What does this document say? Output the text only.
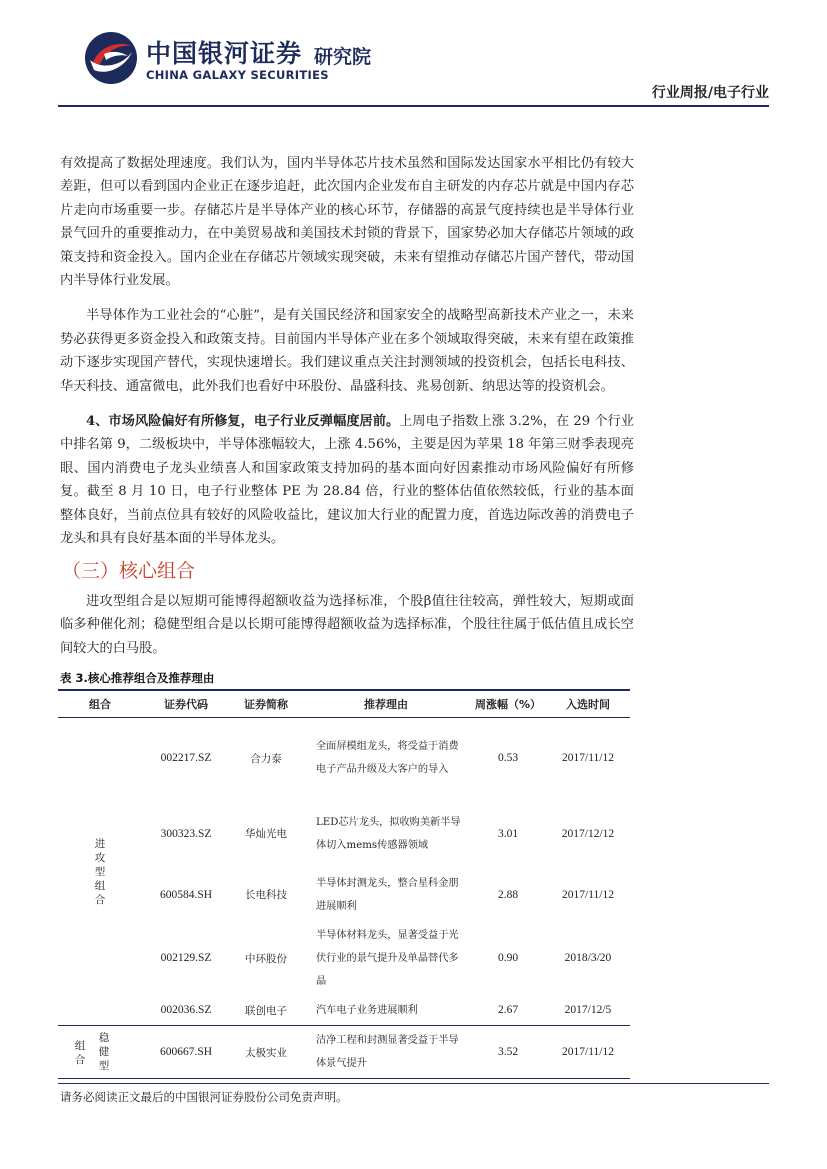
中国银河证券
CHINA GALAXY SECURITIES
研究院
行业周报/电子行业

有效提高了数据处理速度。我们认为，国内半导体芯片技术虽然和国际发达国家水平相比仍有较大差距，但可以看到国内企业正在逐步追赶，此次国内企业发布自主研发的内存芯片就是中国内存芯片走向市场重要一步。存储芯片是半导体产业的核心环节，存储器的高景气度持续也是半导体行业景气回升的重要推动力，在中美贸易战和美国技术封锁的背景下，国家势必加大存储芯片领域的政策支持和资金投入。国内企业在存储芯片领域实现突破，未来有望推动存储芯片国产替代，带动国内半导体行业发展。

半导体作为工业社会的“心脏”，是有关国民经济和国家安全的战略型高新技术产业之一，未来势必获得更多资金投入和政策支持。目前国内半导体产业在多个领域取得突破，未来有望在政策推动下逐步实现国产替代，实现快速增长。我们建议重点关注封测领域的投资机会，包括长电科技、华天科技、通富微电，此外我们也看好中环股份、晶盛科技、兆易创新、纳思达等的投资机会。

4、市场风险偏好有所修复，电子行业反弹幅度居前。上周电子指数上涨 3.2%，在 29 个行业中排名第 9，二级板块中，半导体涨幅较大，上涨 4.56%，主要是因为苹果 18 年第三财季表现亮眼、国内消费电子龙头业绩喜人和国家政策支持加码的基本面向好因素推动市场风险偏好有所修复。截至 8 月 10 日，电子行业整体 PE 为 28.84 倍，行业的整体估值依然较低，行业的基本面整体良好，当前点位具有较好的风险收益比，建议加大行业的配置力度，首选边际改善的消费电子龙头和具有良好基本面的半导体龙头。

（三）核心组合

进攻型组合是以短期可能博得超额收益为选择标准，个股β值往往较高，弹性较大，短期或面临多种催化剂；稳健型组合是以长期可能博得超额收益为选择标准，个股往往属于低估值且成长空间较大的白马股。

表 3.核心推荐组合及推荐理由
组合	证券代码	证券简称	推荐理由	周涨幅（%）	入选时间
进攻型组合	002217.SZ	合力泰	全面屏模组龙头，将受益于消费电子产品升级及大客户的导入	0.53	2017/11/12
	300323.SZ	华灿光电	LED芯片龙头，拟收购美新半导体切入mems传感器领域	3.01	2017/12/12
	600584.SH	长电科技	半导体封测龙头，整合星科金朋进展顺利	2.88	2017/11/12
	002129.SZ	中环股份	半导体材料龙头，显著受益于光伏行业的景气提升及单晶替代多晶	0.90	2018/3/20
	002036.SZ	联创电子	汽车电子业务进展顺利	2.67	2017/12/5

组合
稳健型	600667.SH	太极实业	洁净工程和封测显著受益于半导体景气提升	3.52	2017/11/12
请务必阅读正文最后的中国银河证券股份公司免责声明。
